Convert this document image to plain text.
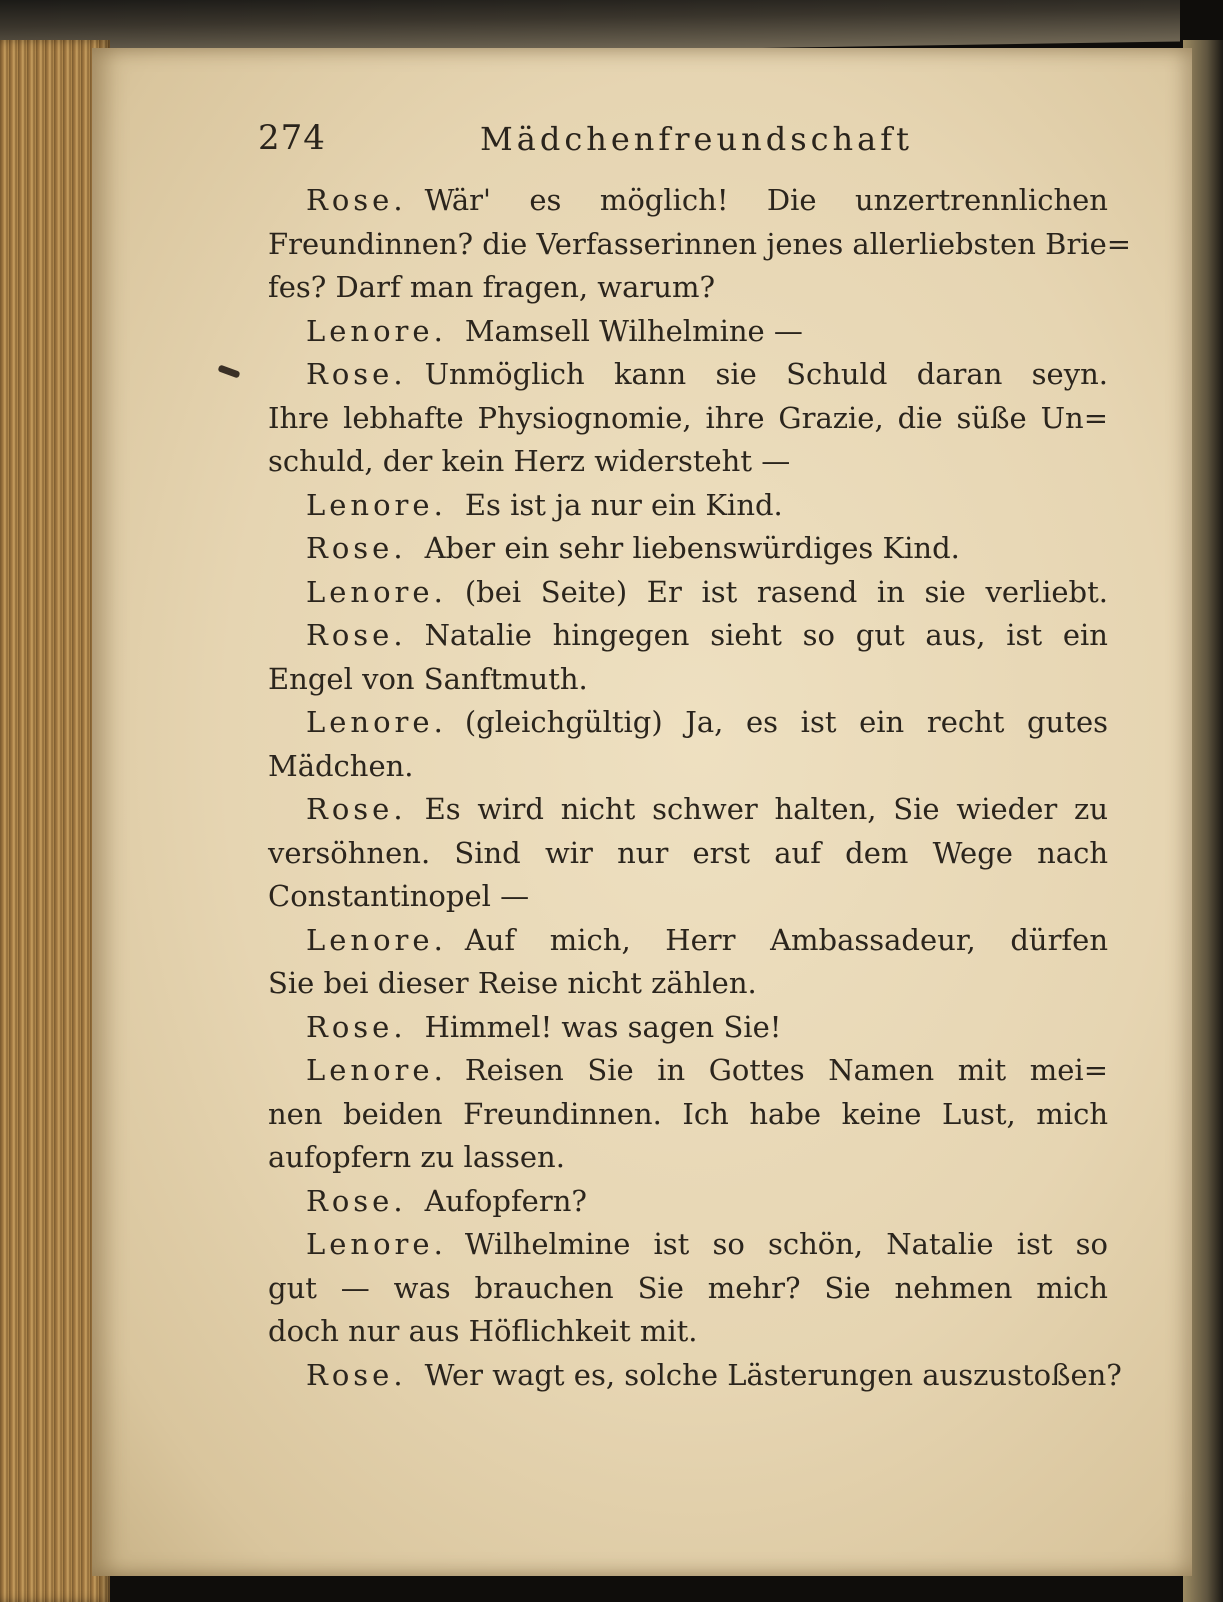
274	Mädchenfreundschaft
Rose. Wär' es möglich! Die unzertrennlichen
Freundinnen? die Verfasserinnen jenes allerliebsten Brie=
fes? Darf man fragen, warum?
Lenore. Mamsell Wilhelmine —
Rose. Unmöglich kann sie Schuld daran seyn.
Ihre lebhafte Physiognomie, ihre Grazie, die süße Un=
schuld, der kein Herz widersteht —
Lenore. Es ist ja nur ein Kind.
Rose. Aber ein sehr liebenswürdiges Kind.
Lenore. (bei Seite) Er ist rasend in sie verliebt.
Rose. Natalie hingegen sieht so gut aus, ist ein
Engel von Sanftmuth.
Lenore. (gleichgültig) Ja, es ist ein recht gutes
Mädchen.
Rose. Es wird nicht schwer halten, Sie wieder zu
versöhnen. Sind wir nur erst auf dem Wege nach
Constantinopel —
Lenore. Auf mich, Herr Ambassadeur, dürfen
Sie bei dieser Reise nicht zählen.
Rose. Himmel! was sagen Sie!
Lenore. Reisen Sie in Gottes Namen mit mei=
nen beiden Freundinnen. Ich habe keine Lust, mich
aufopfern zu lassen.
Rose. Aufopfern?
Lenore. Wilhelmine ist so schön, Natalie ist so
gut — was brauchen Sie mehr? Sie nehmen mich
doch nur aus Höflichkeit mit.
Rose. Wer wagt es, solche Lästerungen auszustoßen?
